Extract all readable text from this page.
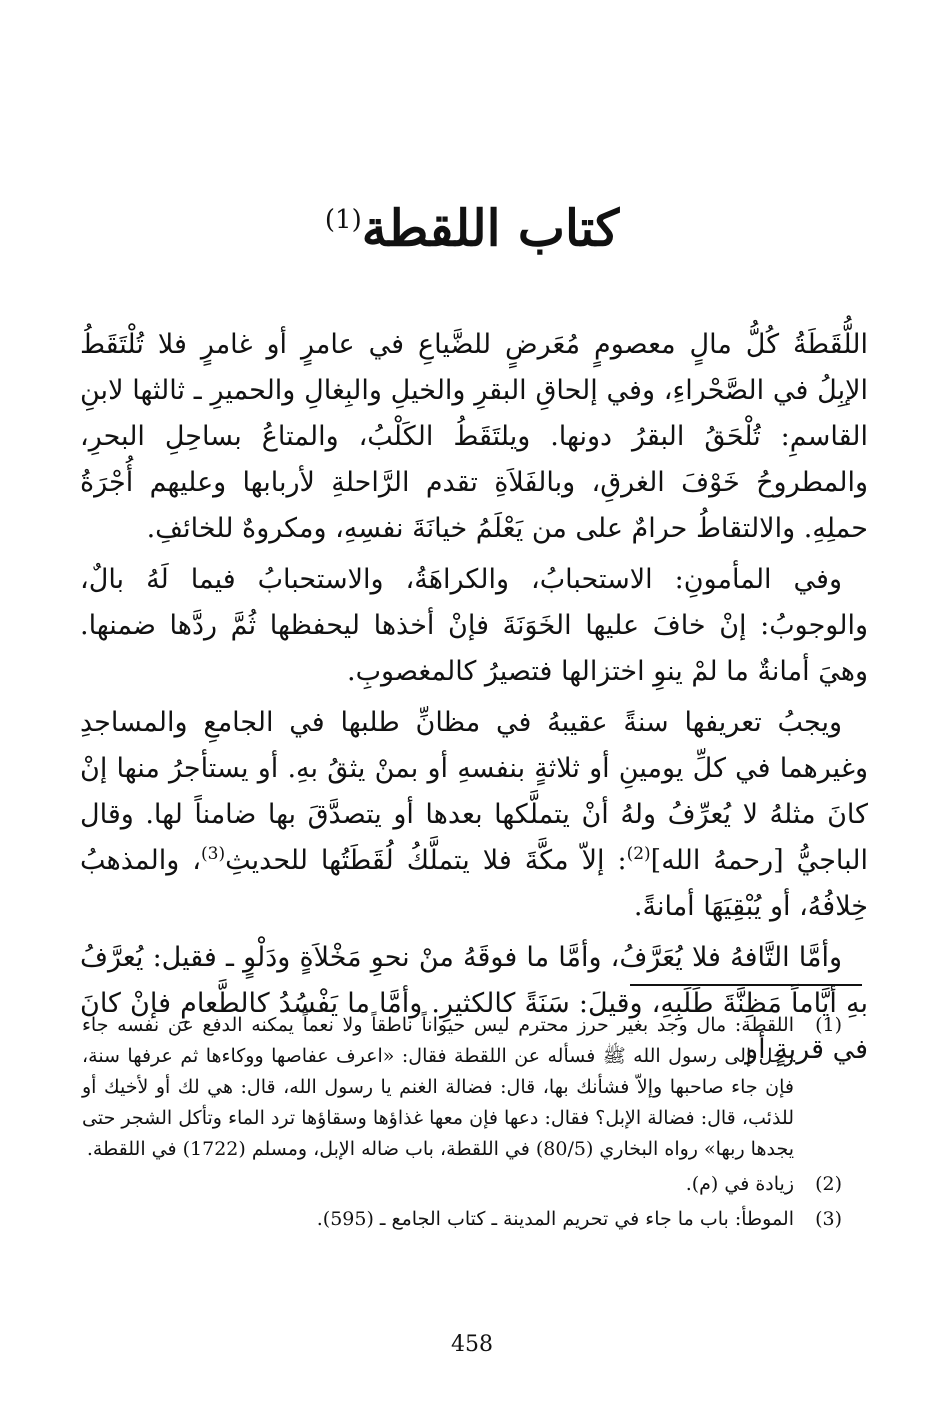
كتاب اللقطة$^{(1)}$

اللُّقَطَةُ كُلُّ مالٍ معصومٍ مُعَرضٍ للضَّياعِ في عامرٍ أو غامرٍ فلا تُلْتَقَطُ الإبِلُ في الصَّحْراءِ، وفي إلحاقِ البقرِ والخيلِ والبِغالِ والحميرِ ـ ثالثها لابنِ القاسمِ: تُلْحَقُ البقرُ دونها. ويلتَقَطُ الكَلْبُ، والمتاعُ بساحِلِ البحرِ، والمطروحُ خَوْفَ الغرقِ، وبالفَلاَةِ تقدم الرَّاحلةِ لأربابها وعليهم أُجْرَةُ حملِهِ. والالتقاطُ حرامٌ على من يَعْلَمُ خيانَةَ نفسِهِ، ومكروهٌ للخائفِ.

وفي المأمونِ: الاستحبابُ، والكراهَةُ، والاستحبابُ فيما لَهُ بالٌ، والوجوبُ: إنْ خافَ عليها الخَوَنَةَ فإنْ أخذها ليحفظها ثُمَّ ردَّها ضمنها. وهيَ أمانةٌ ما لمْ ينوِ اختزالها فتصيرُ كالمغصوبِ.

ويجبُ تعريفها سنةً عقيبهُ في مظانِّ طلبها في الجامعِ والمساجدِ وغيرهما في كلِّ يومينِ أو ثلاثةٍ بنفسهِ أو بمنْ يثقُ بهِ. أو يستأجرُ منها إنْ كانَ مثلهُ لا يُعرِّفُ ولهُ أنْ يتملَّكها بعدها أو يتصدَّقَ بها ضامناً لها. وقال الباجيُّ [رحمهُ الله]$^{(2)}$: إلاّ مكَّةَ فلا يتملَّكُ لُقَطَتُها للحديثِ$^{(3)}$، والمذهبُ خِلافُهُ، أو يُبْقِيَهَا أمانةً.

وأمَّا التَّافهُ فلا يُعَرَّفُ، وأمَّا ما فوقَهُ منْ نحوِ مَخْلاَةٍ ودَلْوٍ ـ فقيل: يُعرَّفُ بهِ أيَّاماً مَظِنَّةَ طَلَبِهِ، وقيلَ: سَنَةً كالكثيرِ. وأمَّا ما يَفْسُدُ كالطَّعامِ فإنْ كانَ في قريةٍ أو

(1)
اللقطة: مال وجد بغير حرز محترم ليس حيواناً ناطقاً ولا نعماً يمكنه الدفع عن نفسه جاء رجل إلى رسول الله ﷺ فسأله عن اللقطة فقال: «اعرف عفاصها ووكاءها ثم عرفها سنة، فإن جاء صاحبها وإلاّ فشأنك بها، قال: فضالة الغنم يا رسول الله، قال: هي لك أو لأخيك أو للذئب، قال: فضالة الإبل؟ فقال: دعها فإن معها غذاؤها وسقاؤها ترد الماء وتأكل الشجر حتى يجدها ربها» رواه البخاري (80/5) في اللقطة، باب ضاله الإبل، ومسلم (1722) في اللقطة.
(2)
زيادة في (م).
(3)
الموطأ: باب ما جاء في تحريم المدينة ـ كتاب الجامع ـ (595).
458
